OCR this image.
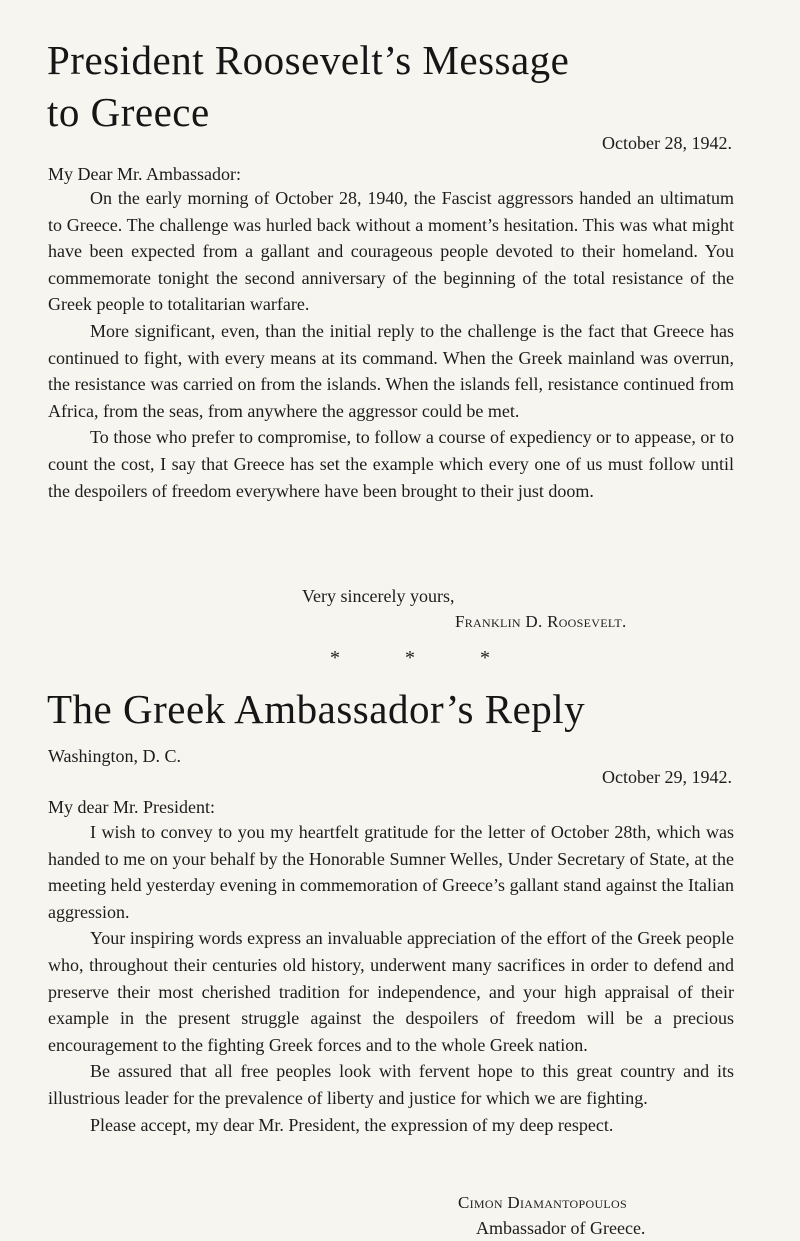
President Roosevelt’s Message
to Greece
October 28, 1942.
My Dear Mr. Ambassador:

On the early morning of October 28, 1940, the Fascist aggressors handed an ultimatum to Greece. The challenge was hurled back without a moment’s hesitation. This was what might have been expected from a gallant and courageous people devoted to their homeland. You commemorate tonight the second anniversary of the beginning of the total resistance of the Greek people to totalitarian warfare.

More significant, even, than the initial reply to the challenge is the fact that Greece has continued to fight, with every means at its command. When the Greek mainland was overrun, the resistance was carried on from the islands. When the islands fell, resistance continued from Africa, from the seas, from anywhere the aggressor could be met.

To those who prefer to compromise, to follow a course of expediency or to appease, or to count the cost, I say that Greece has set the example which every one of us must follow until the despoilers of freedom everywhere have been brought to their just doom.

Very sincerely yours,
Franklin D. Roosevelt.
* * *
The Greek Ambassador’s Reply
Washington, D. C.
October 29, 1942.
My dear Mr. President:

I wish to convey to you my heartfelt gratitude for the letter of October 28th, which was handed to me on your behalf by the Honorable Sumner Welles, Under Secretary of State, at the meeting held yesterday evening in commemoration of Greece’s gallant stand against the Italian aggression.

Your inspiring words express an invaluable appreciation of the effort of the Greek people who, throughout their centuries old history, underwent many sacrifices in order to defend and preserve their most cherished tradition for independence, and your high appraisal of their example in the present struggle against the despoilers of freedom will be a precious encouragement to the fighting Greek forces and to the whole Greek nation.

Be assured that all free peoples look with fervent hope to this great country and its illustrious leader for the prevalence of liberty and justice for which we are fighting.

Please accept, my dear Mr. President, the expression of my deep respect.

Cimon Diamantopoulos
Ambassador of Greece.
